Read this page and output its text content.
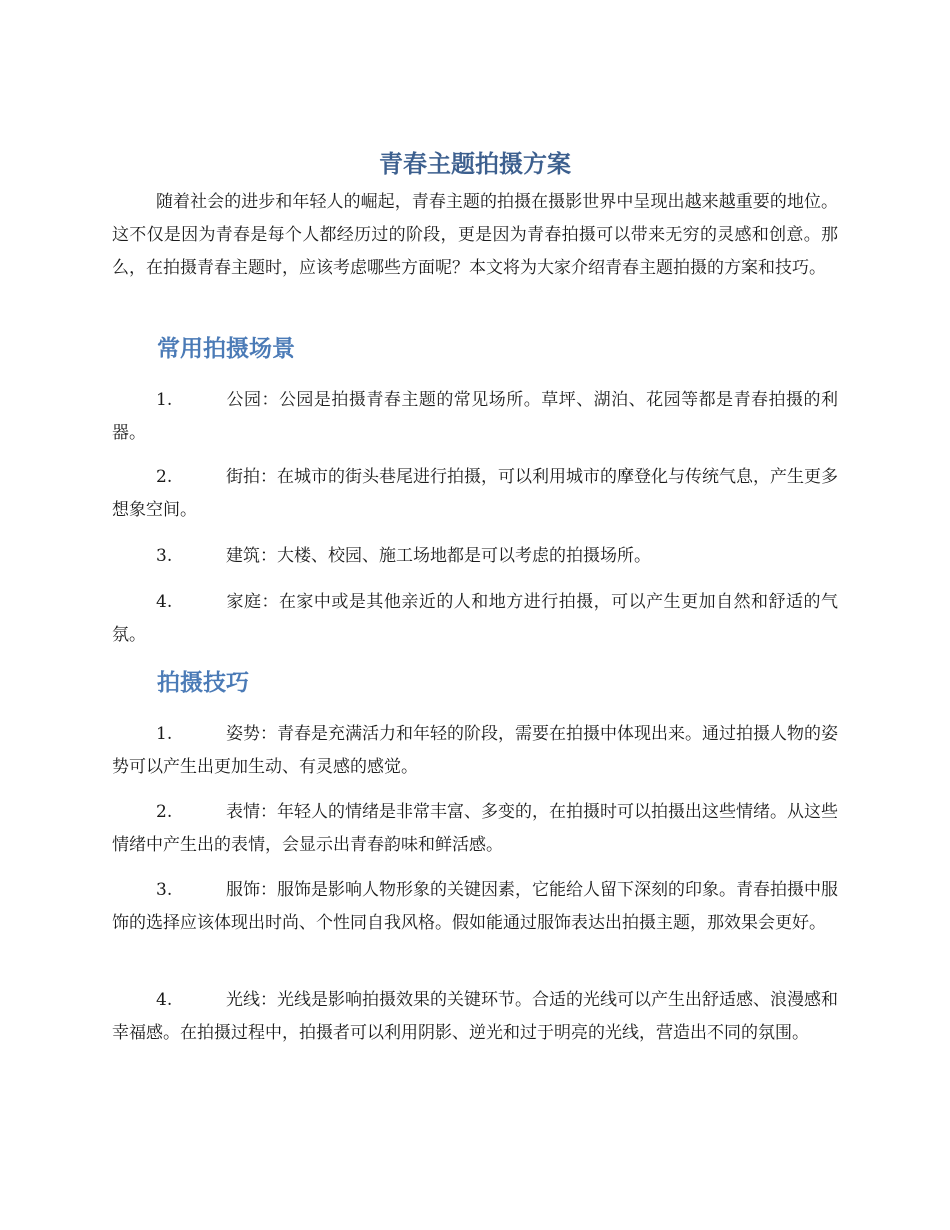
青春主题拍摄方案

随着社会的进步和年轻人的崛起，青春主题的拍摄在摄影世界中呈现出越来越重要的地位。这不仅是因为青春是每个人都经历过的阶段，更是因为青春拍摄可以带来无穷的灵感和创意。那么，在拍摄青春主题时，应该考虑哪些方面呢？本文将为大家介绍青春主题拍摄的方案和技巧。

常用拍摄场景

1.	公园：公园是拍摄青春主题的常见场所。草坪、湖泊、花园等都是青春拍摄的利器。

2.	街拍：在城市的街头巷尾进行拍摄，可以利用城市的摩登化与传统气息，产生更多想象空间。

3.	建筑：大楼、校园、施工场地都是可以考虑的拍摄场所。

4.	家庭：在家中或是其他亲近的人和地方进行拍摄，可以产生更加自然和舒适的气氛。

拍摄技巧

1.	姿势：青春是充满活力和年轻的阶段，需要在拍摄中体现出来。通过拍摄人物的姿势可以产生出更加生动、有灵感的感觉。

2.	表情：年轻人的情绪是非常丰富、多变的，在拍摄时可以拍摄出这些情绪。从这些情绪中产生出的表情，会显示出青春韵味和鲜活感。

3.	服饰：服饰是影响人物形象的关键因素，它能给人留下深刻的印象。青春拍摄中服饰的选择应该体现出时尚、个性同自我风格。假如能通过服饰表达出拍摄主题，那效果会更好。

4.	光线：光线是影响拍摄效果的关键环节。合适的光线可以产生出舒适感、浪漫感和幸福感。在拍摄过程中，拍摄者可以利用阴影、逆光和过于明亮的光线，营造出不同的氛围。
